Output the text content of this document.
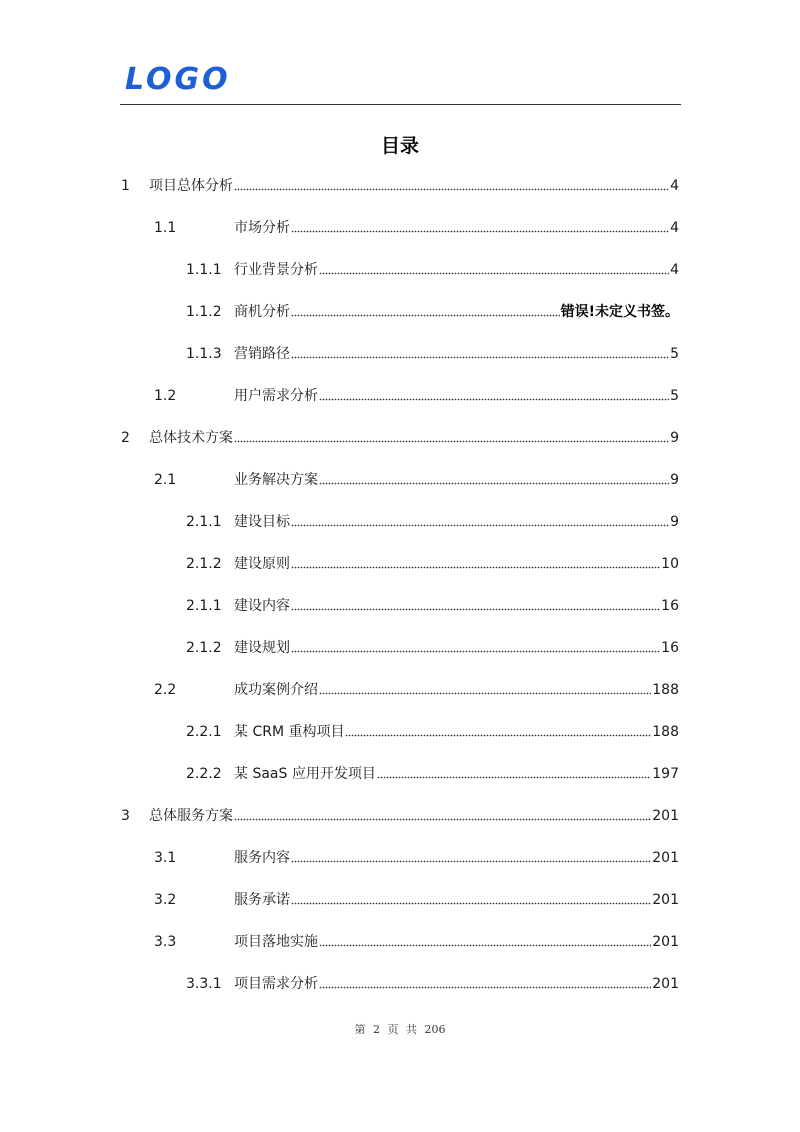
LOGO
目录
1 项目总体分析	4
1.1	市场分析	4
1.1.1 行业背景分析	4
1.1.2 商机分析	错误!未定义书签。
1.1.3 营销路径	5
1.2	用户需求分析	5
2 总体技术方案	9
2.1	业务解决方案	9
2.1.1 建设目标	9
2.1.2 建设原则	10
2.1.1 建设内容	16
2.1.2 建设规划	16
2.2	成功案例介绍	188
2.2.1 某 CRM 重构项目	188
2.2.2 某 SaaS 应用开发项目	197
3 总体服务方案	201
3.1	服务内容	201
3.2	服务承诺	201
3.3	项目落地实施	201
3.3.1 项目需求分析	201
第 2 页 共 206
